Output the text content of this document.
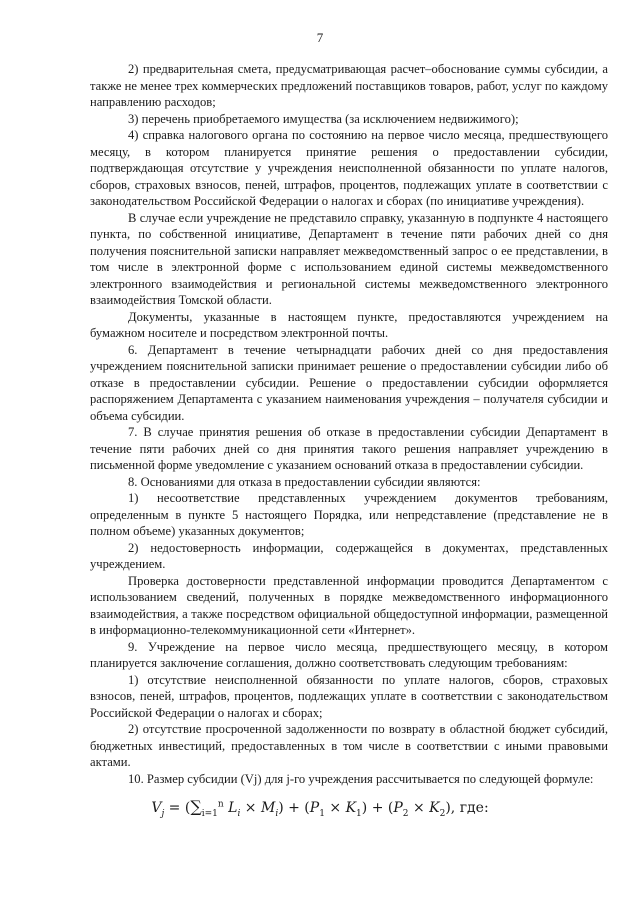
7

2) предварительная смета, предусматривающая расчет–обоснование суммы субсидии, а также не менее трех коммерческих предложений поставщиков товаров, работ, услуг по каждому направлению расходов;

3) перечень приобретаемого имущества (за исключением недвижимого);

4) справка налогового органа по состоянию на первое число месяца, предшествующего месяцу, в котором планируется принятие решения о предоставлении субсидии, подтверждающая отсутствие у учреждения неисполненной обязанности по уплате налогов, сборов, страховых взносов, пеней, штрафов, процентов, подлежащих уплате в соответствии с законодательством Российской Федерации о налогах и сборах (по инициативе учреждения).

В случае если учреждение не представило справку, указанную в подпункте 4 настоящего пункта, по собственной инициативе, Департамент в течение пяти рабочих дней со дня получения пояснительной записки направляет межведомственный запрос о ее представлении, в том числе в электронной форме с использованием единой системы межведомственного электронного взаимодействия и региональной системы межведомственного электронного взаимодействия Томской области.

Документы, указанные в настоящем пункте, предоставляются учреждением на бумажном носителе и посредством электронной почты.

6. Департамент в течение четырнадцати рабочих дней со дня предоставления учреждением пояснительной записки принимает решение о предоставлении субсидии либо об отказе в предоставлении субсидии. Решение о предоставлении субсидии оформляется распоряжением Департамента с указанием наименования учреждения – получателя субсидии и объема субсидии.

7. В случае принятия решения об отказе в предоставлении субсидии Департамент в течение пяти рабочих дней со дня принятия такого решения направляет учреждению в письменной форме уведомление с указанием оснований отказа в предоставлении субсидии.

8. Основаниями для отказа в предоставлении субсидии являются:

1) несоответствие представленных учреждением документов требованиям, определенным в пункте 5 настоящего Порядка, или непредставление (представление не в полном объеме) указанных документов;

2) недостоверность информации, содержащейся в документах, представленных учреждением.

Проверка достоверности представленной информации проводится Департаментом с использованием сведений, полученных в порядке межведомственного информационного взаимодействия, а также посредством официальной общедоступной информации, размещенной в информационно-телекоммуникационной сети «Интернет».

9. Учреждение на первое число месяца, предшествующего месяцу, в котором планируется заключение соглашения, должно соответствовать следующим требованиям:

1) отсутствие неисполненной обязанности по уплате налогов, сборов, страховых взносов, пеней, штрафов, процентов, подлежащих уплате в соответствии с законодательством Российской Федерации о налогах и сборах;

2) отсутствие просроченной задолженности по возврату в областной бюджет субсидий, бюджетных инвестиций, предоставленных в том числе в соответствии с иными правовыми актами.

10. Размер субсидии (Vj) для j-го учреждения рассчитывается по следующей формуле:

$V_j = (\sum_{i=1}^n$ $L_i \times M_i) + (P_1 \times K_1) + (P_2 \times K_2)$, где:
